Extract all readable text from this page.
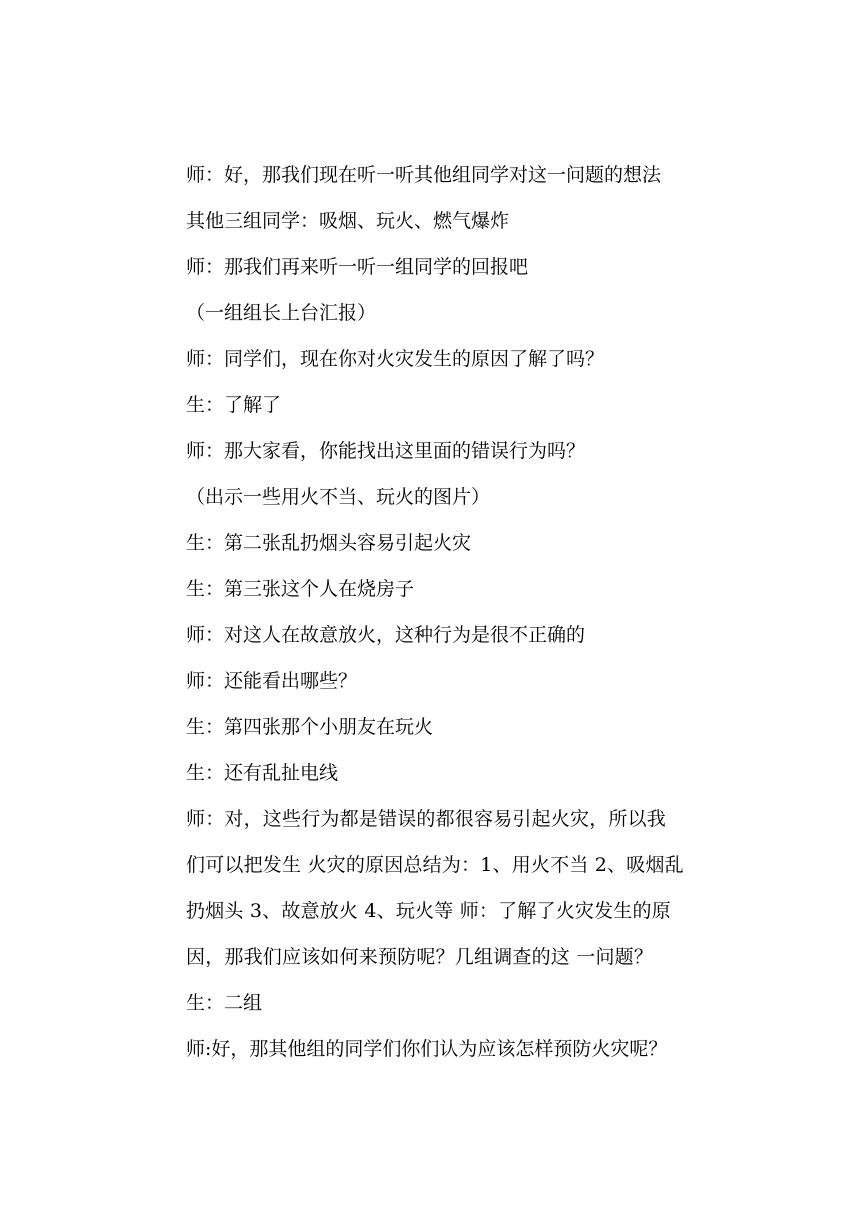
师：好，那我们现在听一听其他组同学对这一问题的想法
其他三组同学：吸烟、玩火、燃气爆炸
师：那我们再来听一听一组同学的回报吧
（一组组长上台汇报）
师：同学们，现在你对火灾发生的原因了解了吗？
生：了解了
师：那大家看，你能找出这里面的错误行为吗？
（出示一些用火不当、玩火的图片）
生：第二张乱扔烟头容易引起火灾
生：第三张这个人在烧房子
师：对这人在故意放火，这种行为是很不正确的
师：还能看出哪些？
生：第四张那个小朋友在玩火
生：还有乱扯电线
师：对，这些行为都是错误的都很容易引起火灾，所以我
们可以把发生 火灾的原因总结为：1、用火不当 2、吸烟乱
扔烟头 3、故意放火 4、玩火等 师：了解了火灾发生的原
因，那我们应该如何来预防呢？几组调查的这 一问题？
生：二组
师:好，那其他组的同学们你们认为应该怎样预防火灾呢？
